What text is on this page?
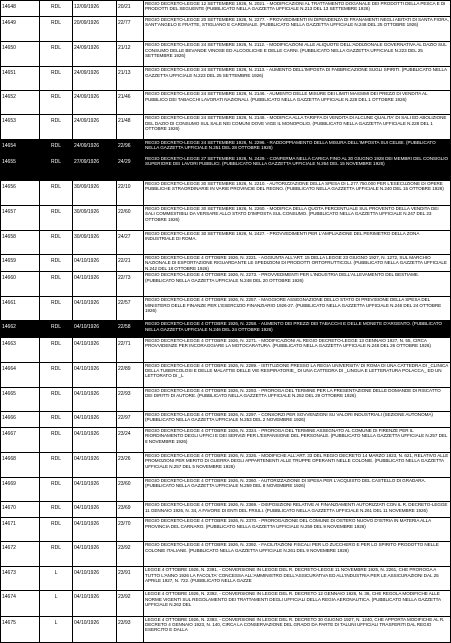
14648	RDL	12/09/1926	20/21	REGIO DECRETO-LEGGE 12 SETTEMBRE 1926, N. 2021. - MODIFICAZIONI AL TRATTAMENTO DOGANALE DEI PRODOTTI DELLA PESCA E DI PRODOTTI DEL SEGUENTE (PUBBLICATO NELLA GAZZETTA UFFICIALE N.213 DEL 13 SETTEMBRE 1926)
14649	RDL	20/09/1926	22/77	REGIO DECRETO-LEGGE 20 SETTEMBRE 1926, N. 2277. - PROVVEDIMENTI IN DIPENDENZA DI FRANAMENTI NEGLI ABITATI DI SANTA FIORA, SANT'ANGELO E FRATTE, STIGLIANO E CARDINALE. (PUBBLICATO NELLA GAZZETTA UFFICIALE N.248 DEL 25 OTTOBRE 1926)
14650	RDL	24/09/1926	21/12	REGIO DECRETO-LEGGE 24 SETTEMBRE 1926, N. 2112. - MODIFICAZIONI ALLE ALIQUOTE DELL'ADDIZIONALE GOVERNATIVA AL DAZIO SUL CONSUMO DELLE BEVANDE VINOSE ED ALCOOLICHE E DELLE CARNI. (PUBBLICATO NELLA GAZZETTA UFFICIALE N.223 DEL 25 SETTEMBRE 1926)
14651	RDL	24/09/1926	21/13	REGIO DECRETO-LEGGE 24 SETTEMBRE 1926, N. 2113. - AUMENTO DELL'IMPOSTA DI FABBRICAZIONE SUGLI SPIRITI. (PUBBLICATO NELLA GAZZETTA UFFICIALE N.223 DEL 25 SETTEMBRE 1926)
14652	RDL	24/09/1926	21/46	REGIO DECRETO-LEGGE 24 SETTEMBRE 1926, N. 2146. - AUMENTO DELLE MISURE DEI LIMITI MASSIMI DEI PREZZI DI VENDITA AL PUBBLICO DEI TABACCHI LAVORATI NAZIONALI. (PUBBLICATO NELLA GAZZETTA UFFICIALE N.228 DEL 1 OTTOBRE 1926)
14653	RDL	24/09/1926	21/48	REGIO DECRETO-LEGGE 24 SETTEMBRE 1926, N. 2148. - MODIFICA ALLA TARIFFA DI VENDITA DI ALCUNE QUALITA' DI SALI ED ABOLIZIONE DEL DAZIO DI CONSUMO SUL SALE NEI COMUNI DOVE VIGE IL MONOPOLIO. (PUBBLICATO NELLA GAZZETTA UFFICIALE N.228 DEL 1 OTTOBRE 1926)
14654	RDL	24/09/1926	22/96	REGIO DECRETO-LEGGE 24 SETTEMBRE 1926, N. 2296. - RADDOPPIAMENTO DELLA MISURA DELL'IMPOSTA SUI CELIBI. (PUBBLICATO NELLA GAZZETTA UFFICIALE N.251 DEL 28 OTTOBRE 1926)
14655	RDL	27/09/1926	24/29	REGIO DECRETO-LEGGE 27 SETTEMBRE 1926, N. 2429. - CONFERMA NELLA CARICA FINO AL 30 GIUGNO 1928 DEI MEMBRI DEL CONSIGLIO SUPERIORE DEI LAVORI PUBBLICI. (PUBBLICATO NELLA GAZZETTA UFFICIALE N.264 DEL 15 NOVEMBRE 1926)
14656	RDL	30/09/1926	22/10	REGIO DECRETO-LEGGE 30 SETTEMBRE 1926, N. 2210. - AUTORIZZAZIONE DELLA SPESA DI L.277.750.000 PER L'ESECUZIONE DI OPERE PUBBLICHE STRAORDINARIE IN VARIE PROVINCIE DEL REGNO. (PUBBLICATO NELLA GAZZETTA UFFICIALE N.240 DEL 15 OTTOBRE 1926)
14657	RDL	30/09/1926	22/60	REGIO DECRETO-LEGGE 30 SETTEMBRE 1926, N. 2260. - MODIFICA DELLA QUOTA PERCENTUALE SUL PROVENTO DELLA VENDITA DEI SALI COMMESTIBILI DA VERSARE ALLO STATO D'IMPOSTA SUL CONSUMO. (PUBBLICATO NELLA GAZZETTA UFFICIALE N.247 DEL 23 OTTOBRE 1926)
14658	RDL	30/09/1926	24/27	REGIO DECRETO-LEGGE 30 SETTEMBRE 1926, N. 2427. - PROVVEDIMENTI PER L'AMPLIAZIONE DEL PERIMETRO DELLA ZONA INDUSTRIALE DI ROMA.
14659	RDL	04/10/1926	22/21	REGIO DECRETO-LEGGE 4 OTTOBRE 1926, N. 2221. - AGGIUNTA ALL'ART. 15 DELLA LEGGE 23 GIUGNO 1927, N. 1272, SUL MARCHIO NAZIONALE DI ESPORTAZIONE RIGUARDANTE LE SPEDIZIONI DI PRODOTTI ORTOFRUTTICOLI. (PUBBLICATO NELLA GAZZETTA UFFICIALE N.242 DEL 18 OTTOBRE 1926)
14660	RDL	04/10/1926	22/73	REGIO DECRETO-LEGGE 4 OTTOBRE 1926, N. 2273. - PROVVEDIMENTI PER L'INDUSTRIA DELL'ALLEVAMENTO DEL BESTIAME. (PUBBLICATO NELLA GAZZETTA UFFICIALE N.248 DEL 20 OTTOBRE 1926)
14661	RDL	04/10/1926	22/57	REGIO DECRETO-LEGGE 4 OTTOBRE 1926, N. 2257. - MAGGIORE ASSEGNAZIONE DELLO STATO DI PREVISIONE DELLA SPESA DEL MINISTERO DELLE FINANZE PER L'ESERCIZIO FINANZIARIO 1926-27. (PUBBLICATO NELLA GAZZETTA UFFICIALE N.246 DEL 24 OTTOBRE 1926)
14662	RDL	04/10/1926	22/58	REGIO DECRETO-LEGGE 4 OTTOBRE 1926, N. 2258. - AUMENTO DEI PREZZI DEI TABACCHI E DELLE MONETE D'ARGENTO. (PUBBLICATO NELLA GAZZETTA UFFICIALE N.246 DEL 24 OTTOBRE 1926)
14663	RDL	04/10/1926	22/71	REGIO DECRETO-LEGGE 4 OTTOBRE 1926, N. 2271. - MODIFICAZIONI AL REGIO DECRETO-LEGGE 13 GENNAIO 1927, N. 55, CIRCA PROVVIDENZE PER INCORAGGIARE LA MOTOCARATURA. (PUBBLICATO NELLA GAZZETTA UFFICIALE N.248 DEL 26 OTTOBRE 1926)
14664	RDL	04/10/1926	22/89	REGIO DECRETO-LEGGE 4 OTTOBRE 1926, N. 2289. - ISTITUZIONE PRESSO LA REGIA UNIVERSITA' DI ROMA DI UNA CATTEDRA DI _CLINICA DELLA TUBERCOLOSI E DELLE MALATTIE DELLE VIE RESPIRATORIE_ DI UNA CATTEDRA DI _LINGUA E LETTERATURA POLACCA_ ED UN LETTORATO DI _L
14665	RDL	04/10/1926	22/93	REGIO DECRETO-LEGGE 4 OTTOBRE 1926, N. 2293. - PROROGA DEL TERMINE PER LA PRESENTAZIONE DELLE DOMANDE DI RISCATTO DEI DIRITTI DI AUTORE. (PUBBLICATO NELLA GAZZETTA UFFICIALE N.252 DEL 29 OTTOBRE 1926)
14666	RDL	04/10/1926	22/97	REGIO DECRETO-LEGGE 4 OTTOBRE 1926, N. 2297. - CONSORZI PER SOVVENZIONI SU VALORI INDUSTRIALI (SEZIONE AUTONOMA) (PUBBLICATO NELLA GAZZETTA UFFICIALE N.253 DEL 2 NOVEMBRE 1926)
14667	RDL	04/10/1926	23/24	REGIO DECRETO-LEGGE 4 OTTOBRE 1926, N. 2324. - PROROGA DEL TERMINE ASSEGNATO AL COMUNE DI FIRENZE PER IL RIORDINAMENTO DEGLI UFFICI E DEI SERVIZI PER L'ESPANSIONE DEL PERSONALE. (PUBBLICATO NELLA GAZZETTA UFFICIALE N.257 DEL 8 NOVEMBRE 1926)
14668	RDL	04/10/1926	23/26	REGIO DECRETO-LEGGE 4 OTTOBRE 1926, N. 2326. - MODIFICHE ALL'ART. 33 DEL REGIO DECRETO 14 MARZO 1923, N. 621, RELATIVO ALLE PROMOZIONI PER MERITO DI GUERRA DEGLI APPARTENENTI ALLE TRUPPE OPERANTI NELLE COLONIE. (PUBBLICATO NELLA GAZZETTA UFFICIALE N.257 DEL 5 NOVEMBRE 1926)
14669	RDL	04/10/1926	23/60	REGIO DECRETO-LEGGE 4 OTTOBRE 1926, N. 2360. - AUTORIZZAZIONE DI SPESA PER L'ACQUISTO DEL CASTELLO DI GRADARA. (PUBBLICATO NELLA GAZZETTA UFFICIALE N.259 DEL 8 NOVEMBRE 1926)
14670	RDL	04/10/1926	23/69	REGIO DECRETO-LEGGE 4 OTTOBRE 1926, N. 2369. - DISPOSIZIONI RELATIVE AI FINANZIAMENTI AUTORIZZATI CON IL R. DECRETO-LEGGE 11 GENNAIO 1926, N. 34, A FAVORE DI ENTI DEL FRIULI. (PUBBLICATO NELLA GAZZETTA UFFICIALE N.261 DEL 11 NOVEMBRE 1926)
14671	RDL	04/10/1926	23/70	REGIO DECRETO-LEGGE 4 OTTOBRE 1926, N. 2370. - PROROGAZIONE DEL COMUNE DI OSTERO NUOVO D'ISTRIA IN MATERIA ALLA PROVINCIA DEL CARNARO. (PUBBLICATO NELLA GAZZETTA UFFICIALE N.259 DEL 9 NOVEMBRE 1926)
14672	RDL	04/10/1926	23/92	REGIO DECRETO-LEGGE 4 OTTOBRE 1926, N. 2392. - FACILITAZIONI FISCALI PER LO ZUCCHERO E PER LO SPIRITO PRODOTTO NELLE COLONIE ITALIANE. (PUBBLICATO NELLA GAZZETTA UFFICIALE N.261 DEL 9 NOVEMBRE 1926)
14673	L	04/10/1926	23/91	LEGGE 4 OTTOBRE 1926, N. 2391. - CONVERSIONE IN LEGGE DEL R. DECRETO-LEGGE 11 NOVEMBRE 1925, N. 2261, CHE PROROGA A TUTTO L'ANNO 1926 LA FACOLTA' CONCESSA ALL'AMMINISTRO DELL'ASSICURATIVA ED ALL'INDUSTRIA PER LE ASSICURAZIONI DAL 25 APRILE 1927, N. 722. (PUBBLICATO NELLA GAZZE
14674	L	04/10/1926	23/92	LEGGE 4 OTTOBRE 1926, N. 2392. - CONVERSIONE IN LEGGE DEL R. DECRETO 12 GENNAIO 1926, N. 36, CHE REGOLA MODIFICHE ALLE NORME VIGENTI SUL REGOLAMENTO DEI TRATTAMENTI DEGLI UFFICIALI DELLA REGIA AERONAUTICA. (PUBBLICATO NELLA GAZZETTA UFFICIALE N.262 DEL
14675	L	04/10/1926	23/93	LEGGE 4 OTTOBRE 1926, N. 2393. - CONVERSIONE IN LEGGE DEL R. DECRETO 30 GIUGNO 1927, N. 1240, CHE APPORTA MODIFICHE AL R. DECRETO 4 GENNAIO 1923, N. 140, CIRCA LA CONSERVAZIONE DEL GRADO DA PARTE DI TALUNI UFFICIALI TRASFERITI DAL REGIO ESERCITO E DALLA
